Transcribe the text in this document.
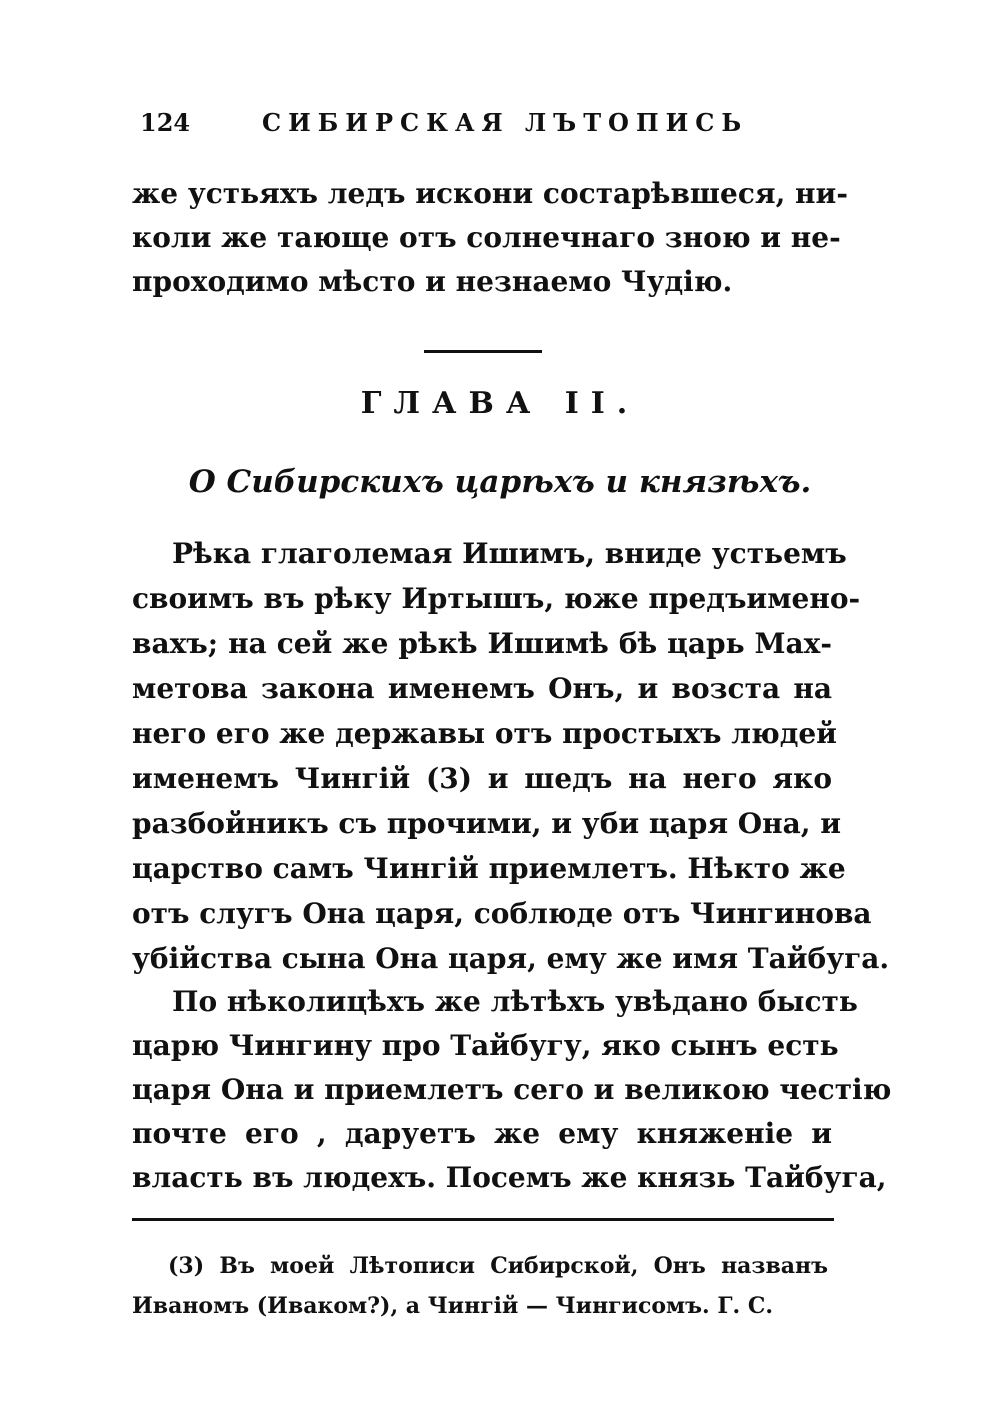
124	СИБИРСКАЯ ЛЪТОПИСЬ
же устьяхъ ледъ искони состарѣвшеся, ни-
коли же тающе отъ солнечнаго зною и не-
проходимо мѣсто и незнаемо Чудію.
ГЛАВА II.
О Сибирскихъ царѣхъ и князѣхъ.
Рѣка глаголемая Ишимъ, вниде устьемъ
своимъ въ рѣку Иртышъ, юже предъимено-
вахъ; на сей же рѣкѣ Ишимѣ бѣ царь Мах-
метова закона именемъ Онъ, и возста на
него его же державы отъ простыхъ людей
именемъ Чингій (3) и шедъ на него яко
разбойникъ съ прочими, и уби царя Она, и
царство самъ Чингій приемлетъ. Нѣкто же
отъ слугъ Она царя, соблюде отъ Чингинова
убійства сына Она царя, ему же имя Тайбуга.
По нѣколицѣхъ же лѣтѣхъ увѣдано бысть
царю Чингину про Тайбугу, яко сынъ есть
царя Она и приемлетъ сего и великою честію
почте его , даруетъ же ему княженіе и
власть въ людехъ. Посемъ же князь Тайбуга,
(3) Въ моей Лѣтописи Сибирской, Онъ названъ
Иваномъ (Иваком?), а Чингій — Чингисомъ. Г. С.
